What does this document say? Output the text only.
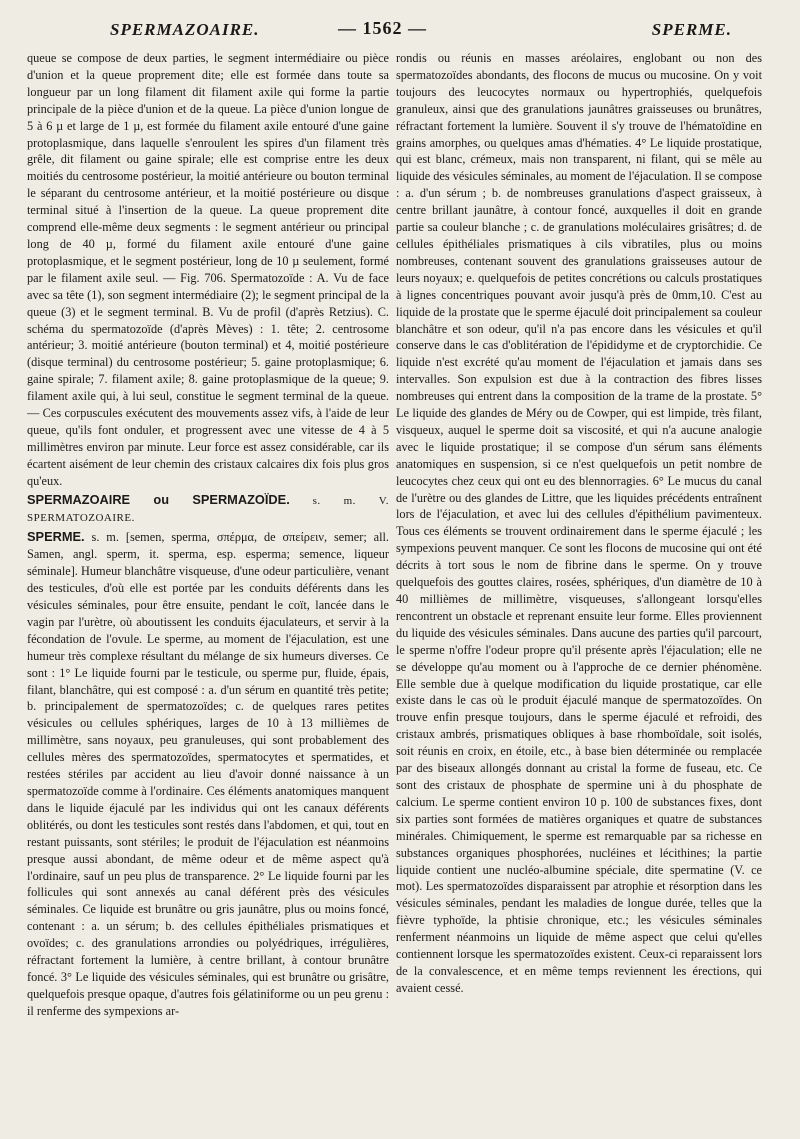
SPERMAZOAIRE.	— 1562 —	SPERME.

queue se compose de deux parties, le segment intermédiaire ou pièce d'union et la queue proprement dite; elle est formée dans toute sa longueur par un long filament dit filament axile qui forme la partie principale de la pièce d'union et de la queue. La pièce d'union longue de 5 à 6 µ et large de 1 µ, est formée du filament axile entouré d'une gaine protoplasmique, dans laquelle s'enroulent les spires d'un filament très grêle, dit filament ou gaine spirale; elle est comprise entre les deux moitiés du centrosome postérieur, la moitié antérieure ou bouton terminal le séparant du centrosome antérieur, et la moitié postérieure ou disque terminal situé à l'insertion de la queue. La queue proprement dite comprend elle-même deux segments : le segment antérieur ou principal long de 40 µ, formé du filament axile entouré d'une gaine protoplasmique, et le segment postérieur, long de 10 µ seulement, formé par le filament axile seul. — Fig. 706. Spermatozoïde : A. Vu de face avec sa tête (1), son segment intermédiaire (2); le segment principal de la queue (3) et le segment terminal. B. Vu de profil (d'après Retzius). C. schéma du spermatozoïde (d'après Mèves) : 1. tête; 2. centrosome antérieur; 3. moitié antérieure (bouton terminal) et 4, moitié postérieure (disque terminal) du centrosome postérieur; 5. gaine protoplasmique; 6. gaine spirale; 7. filament axile; 8. gaine protoplasmique de la queue; 9. filament axile qui, à lui seul, constitue le segment terminal de la queue. — Ces corpuscules exécutent des mouvements assez vifs, à l'aide de leur queue, qu'ils font onduler, et progressent avec une vitesse de 4 à 5 millimètres environ par minute. Leur force est assez considérable, car ils écartent aisément de leur chemin des cristaux calcaires dix fois plus gros qu'eux.

SPERMAZOAIRE ou SPERMAZOÏDE. s. m. V. SPERMATOZOAIRE.

SPERME. s. m. [semen, sperma, σπέρμα, de σπείρειν, semer; all. Samen, angl. sperm, it. sperma, esp. esperma; semence, liqueur séminale]. Humeur blanchâtre visqueuse, d'une odeur particulière, venant des testicules, d'où elle est portée par les conduits déférents dans les vésicules séminales, pour être ensuite, pendant le coït, lancée dans le vagin par l'urètre, où aboutissent les conduits éjaculateurs, et servir à la fécondation de l'ovule. Le sperme, au moment de l'éjaculation, est une humeur très complexe résultant du mélange de six humeurs diverses. Ce sont : 1° Le liquide fourni par le testicule, ou sperme pur, fluide, épais, filant, blanchâtre, qui est composé : a. d'un sérum en quantité très petite; b. principalement de spermatozoïdes; c. de quelques rares petites vésicules ou cellules sphériques, larges de 10 à 13 millièmes de millimètre, sans noyaux, peu granuleuses, qui sont probablement des cellules mères des spermatozoïdes, spermatocytes et spermatides, et restées stériles par accident au lieu d'avoir donné naissance à un spermatozoïde comme à l'ordinaire. Ces éléments anatomiques manquent dans le liquide éjaculé par les individus qui ont les canaux déférents oblitérés, ou dont les testicules sont restés dans l'abdomen, et qui, tout en restant puissants, sont stériles; le produit de l'éjaculation est néanmoins presque aussi abondant, de même odeur et de même aspect qu'à l'ordinaire, sauf un peu plus de transparence. 2° Le liquide fourni par les follicules qui sont annexés au canal déférent près des vésicules séminales. Ce liquide est brunâtre ou gris jaunâtre, plus ou moins foncé, contenant : a. un sérum; b. des cellules épithéliales prismatiques et ovoïdes; c. des granulations arrondies ou polyédriques, irrégulières, réfractant fortement la lumière, à centre brillant, à contour brunâtre foncé. 3° Le liquide des vésicules séminales, qui est brunâtre ou grisâtre, quelquefois presque opaque, d'autres fois gélatiniforme ou un peu grenu : il renferme des sympexions ar-

rondis ou réunis en masses aréolaires, englobant ou non des spermatozoïdes abondants, des flocons de mucus ou mucosine. On y voit toujours des leucocytes normaux ou hypertrophiés, quelquefois granuleux, ainsi que des granulations jaunâtres graisseuses ou brunâtres, réfractant fortement la lumière. Souvent il s'y trouve de l'hématoïdine en grains amorphes, ou quelques amas d'hématies. 4° Le liquide prostatique, qui est blanc, crémeux, mais non transparent, ni filant, qui se mêle au liquide des vésicules séminales, au moment de l'éjaculation. Il se compose : a. d'un sérum ; b. de nombreuses granulations d'aspect graisseux, à centre brillant jaunâtre, à contour foncé, auxquelles il doit en grande partie sa couleur blanche ; c. de granulations moléculaires grisâtres; d. de cellules épithéliales prismatiques à cils vibratiles, plus ou moins nombreuses, contenant souvent des granulations graisseuses autour de leurs noyaux; e. quelquefois de petites concrétions ou calculs prostatiques à lignes concentriques pouvant avoir jusqu'à près de 0mm,10. C'est au liquide de la prostate que le sperme éjaculé doit principalement sa couleur blanchâtre et son odeur, qu'il n'a pas encore dans les vésicules et qu'il conserve dans le cas d'oblitération de l'épididyme et de cryptorchidie. Ce liquide n'est excrété qu'au moment de l'éjaculation et jamais dans ses intervalles. Son expulsion est due à la contraction des fibres lisses nombreuses qui entrent dans la composition de la trame de la prostate. 5° Le liquide des glandes de Méry ou de Cowper, qui est limpide, très filant, visqueux, auquel le sperme doit sa viscosité, et qui n'a aucune analogie avec le liquide prostatique; il se compose d'un sérum sans éléments anatomiques en suspension, si ce n'est quelquefois un petit nombre de leucocytes chez ceux qui ont eu des blennorragies. 6° Le mucus du canal de l'urètre ou des glandes de Littre, que les liquides précédents entraînent lors de l'éjaculation, et avec lui des cellules d'épithélium pavimenteux. Tous ces éléments se trouvent ordinairement dans le sperme éjaculé ; les sympexions peuvent manquer. Ce sont les flocons de mucosine qui ont été décrits à tort sous le nom de fibrine dans le sperme. On y trouve quelquefois des gouttes claires, rosées, sphériques, d'un diamètre de 10 à 40 millièmes de millimètre, visqueuses, s'allongeant lorsqu'elles rencontrent un obstacle et reprenant ensuite leur forme. Elles proviennent du liquide des vésicules séminales. Dans aucune des parties qu'il parcourt, le sperme n'offre l'odeur propre qu'il présente après l'éjaculation; elle ne se développe qu'au moment ou à l'approche de ce dernier phénomène. Elle semble due à quelque modification du liquide prostatique, car elle existe dans le cas où le produit éjaculé manque de spermatozoïdes. On trouve enfin presque toujours, dans le sperme éjaculé et refroidi, des cristaux ambrés, prismatiques obliques à base rhomboïdale, soit isolés, soit réunis en croix, en étoile, etc., à base bien déterminée ou remplacée par des biseaux allongés donnant au cristal la forme de fuseau, etc. Ce sont des cristaux de phosphate de spermine uni à du phosphate de calcium. Le sperme contient environ 10 p. 100 de substances fixes, dont six parties sont formées de matières organiques et quatre de substances minérales. Chimiquement, le sperme est remarquable par sa richesse en substances organiques phosphorées, nucléines et lécithines; la partie liquide contient une nucléo-albumine spéciale, dite spermatine (V. ce mot). Les spermatozoïdes disparaissent par atrophie et résorption dans les vésicules séminales, pendant les maladies de longue durée, telles que la fièvre typhoïde, la phtisie chronique, etc.; les vésicules séminales renferment néanmoins un liquide de même aspect que celui qu'elles contiennent lorsque les spermatozoïdes existent. Ceux-ci reparaissent lors de la convalescence, et en même temps reviennent les érections, qui avaient cessé.
